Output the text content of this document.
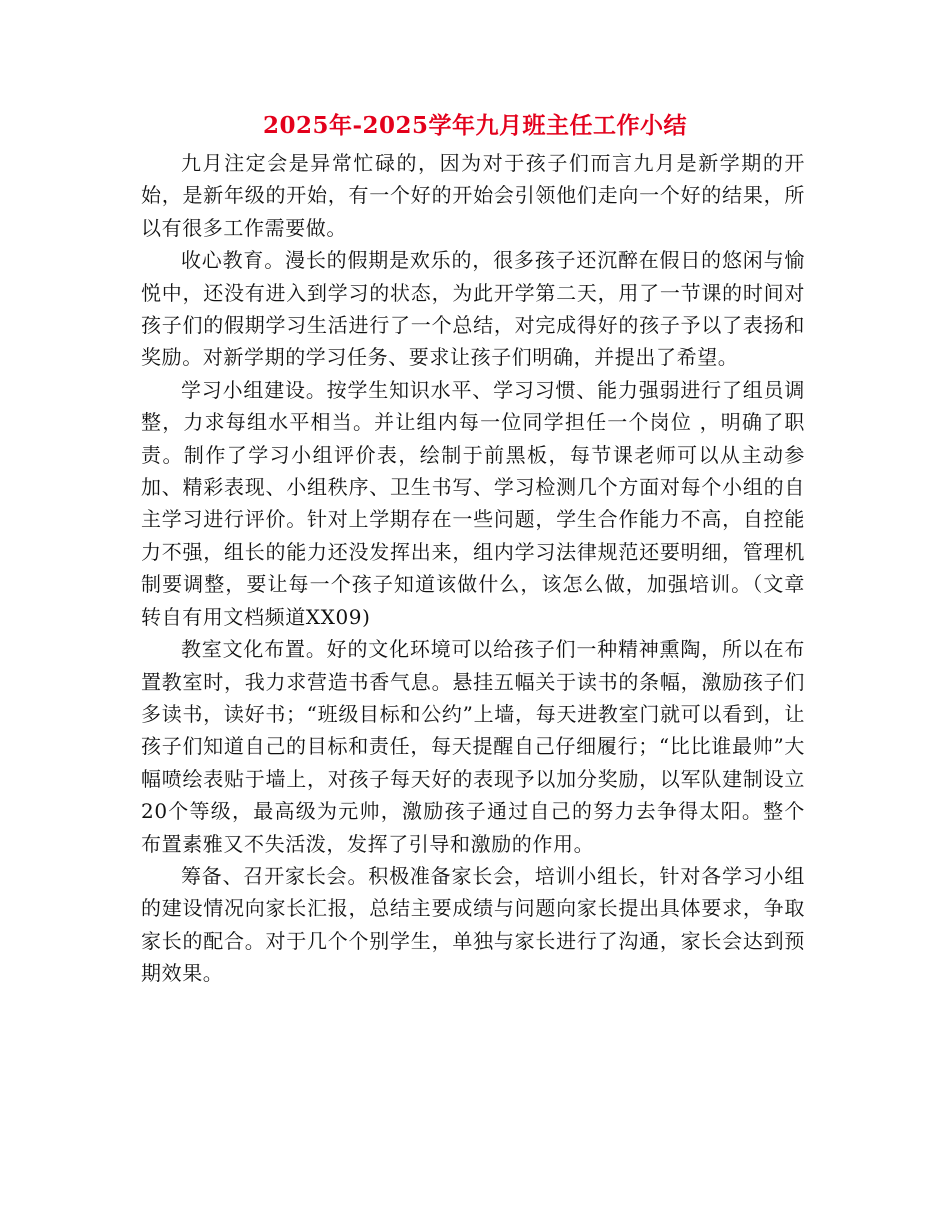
2025年-2025学年九月班主任工作小结

九月注定会是异常忙碌的，因为对于孩子们而言九月是新学期的开始，是新年级的开始，有一个好的开始会引领他们走向一个好的结果，所以有很多工作需要做。

收心教育。漫长的假期是欢乐的，很多孩子还沉醉在假日的悠闲与愉悦中，还没有进入到学习的状态，为此开学第二天，用了一节课的时间对孩子们的假期学习生活进行了一个总结，对完成得好的孩子予以了表扬和奖励。对新学期的学习任务、要求让孩子们明确，并提出了希望。

学习小组建设。按学生知识水平、学习习惯、能力强弱进行了组员调整，力求每组水平相当。并让组内每一位同学担任一个岗位 ，明确了职责。制作了学习小组评价表，绘制于前黑板，每节课老师可以从主动参加、精彩表现、小组秩序、卫生书写、学习检测几个方面对每个小组的自主学习进行评价。针对上学期存在一些问题，学生合作能力不高，自控能力不强，组长的能力还没发挥出来，组内学习法律规范还要明细，管理机制要调整，要让每一个孩子知道该做什么，该怎么做，加强培训。（文章转自有用文档频道XX09)

教室文化布置。好的文化环境可以给孩子们一种精神熏陶，所以在布置教室时，我力求营造书香气息。悬挂五幅关于读书的条幅，激励孩子们多读书，读好书；“班级目标和公约”上墙，每天进教室门就可以看到，让孩子们知道自己的目标和责任，每天提醒自己仔细履行；“比比谁最帅”大幅喷绘表贴于墙上，对孩子每天好的表现予以加分奖励，以军队建制设立20个等级，最高级为元帅，激励孩子通过自己的努力去争得太阳。整个布置素雅又不失活泼，发挥了引导和激励的作用。

筹备、召开家长会。积极准备家长会，培训小组长，针对各学习小组的建设情况向家长汇报，总结主要成绩与问题向家长提出具体要求，争取家长的配合。对于几个个别学生，单独与家长进行了沟通，家长会达到预期效果。
